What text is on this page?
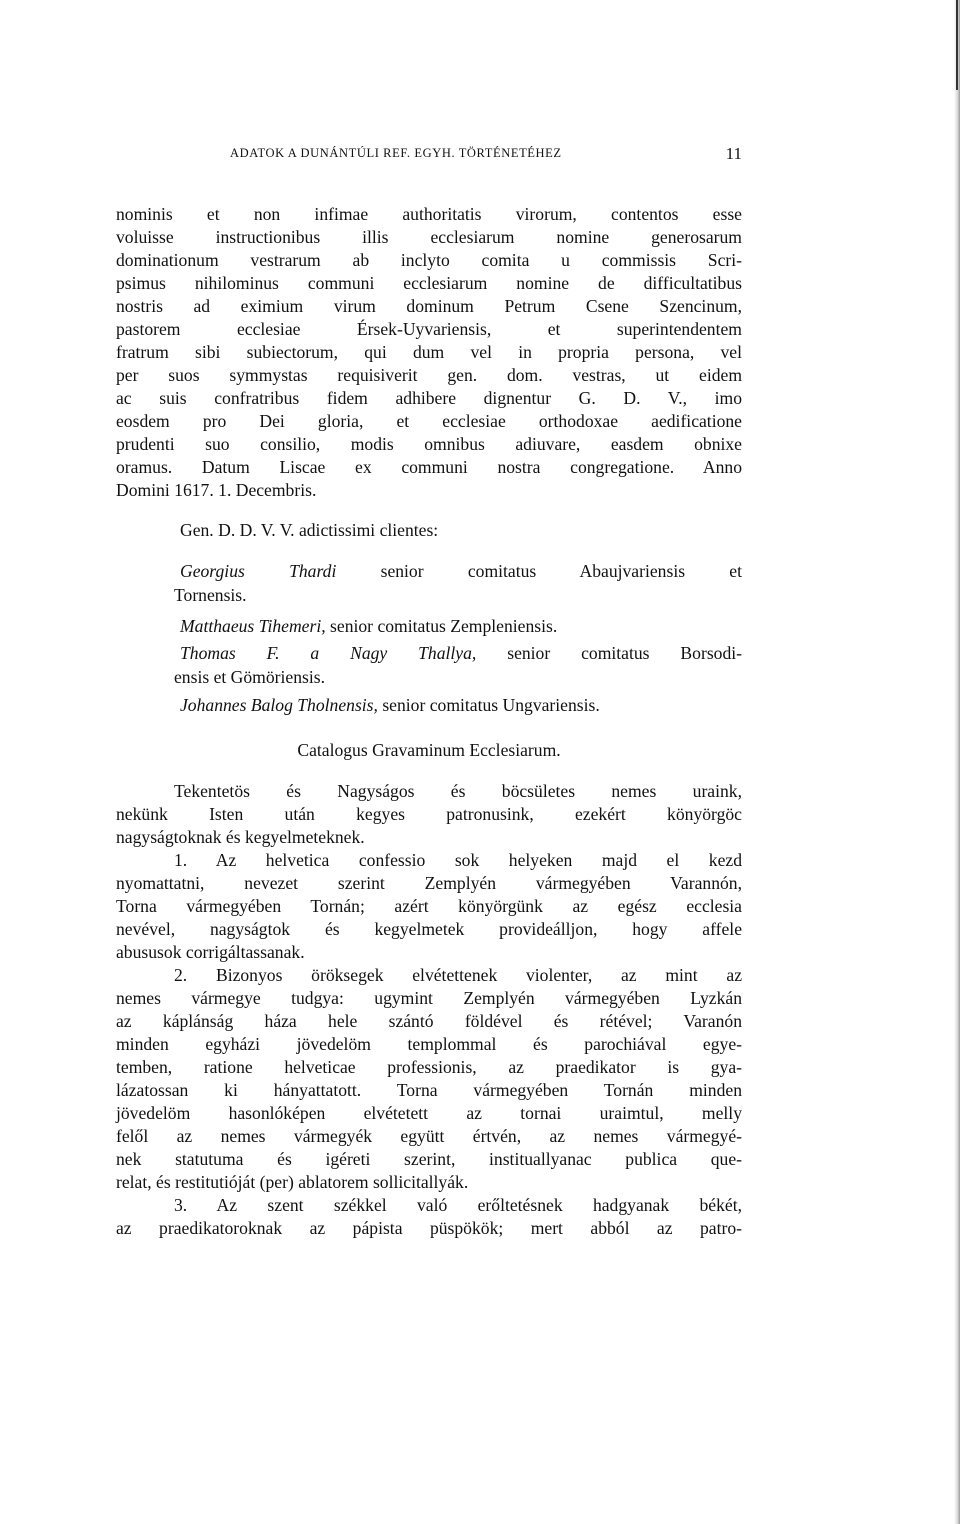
ADATOK A DUNÁNTÚLI REF. EGYH. TÖRTÉNETÉHEZ	11
nominis et non infimae authoritatis virorum, contentos esse
voluisse instructionibus illis ecclesiarum nomine generosarum
dominationum vestrarum ab inclyto comita u commissis Scri-
psimus nihilominus communi ecclesiarum nomine de difficultatibus
nostris ad eximium virum dominum Petrum Csene Szencinum,
pastorem ecclesiae Érsek-Uyvariensis, et superintendentem
fratrum sibi subiectorum, qui dum vel in propria persona, vel
per suos symmystas requisiverit gen. dom. vestras, ut eidem
ac suis confratribus fidem adhibere dignentur G. D. V., imo
eosdem pro Dei gloria, et ecclesiae orthodoxae aedificatione
prudenti suo consilio, modis omnibus adiuvare, easdem obnixe
oramus. Datum Liscae ex communi nostra congregatione. Anno
Domini 1617. 1. Decembris.
Gen. D. D. V. V. adictissimi clientes:
Georgius Thardi	senior comitatus Abaujvariensis et
Tornensis.
Matthaeus Tihemeri, senior comitatus Zempleniensis.
Thomas F. a Nagy Thallya, senior comitatus Borsodi-
ensis et Gömöriensis.
Johannes Balog Tholnensis, senior comitatus Ungvariensis.
Catalogus Gravaminum Ecclesiarum.
Tekentetös és Nagyságos és böcsületes nemes uraink,
nekünk Isten után kegyes patronusink, ezekért könyörgöc
nagyságtoknak és kegyelmeteknek.
1. Az helvetica confessio sok helyeken majd el kezd
nyomattatni, nevezet szerint Zemplyén vármegyében Varannón,
Torna vármegyében Tornán; azért könyörgünk az egész ecclesia
nevével, nagyságtok és kegyelmetek provideálljon, hogy affele
abususok corrigáltassanak.
2. Bizonyos öröksegek elvétettenek violenter, az mint az
nemes vármegye tudgya: ugymint Zemplyén vármegyében Lyzkán
az káplánság háza hele szántó földével és rétével; Varanón
minden egyházi jövedelöm templommal és parochiával egye-
temben, ratione helveticae professionis, az praedikator is gya-
lázatossan ki hányattatott. Torna vármegyében Tornán minden
jövedelöm hasonlóképen elvétetett az tornai uraimtul, melly
felől az nemes vármegyék együtt értvén, az nemes vármegyé-
nek statutuma és igéreti szerint, instituallyanac publica que-
relat, és restitutióját (per) ablatorem sollicitallyák.
3. Az szent székkel való erőltetésnek hadgyanak békét,
az praedikatoroknak az pápista püspökök; mert abból az patro-
